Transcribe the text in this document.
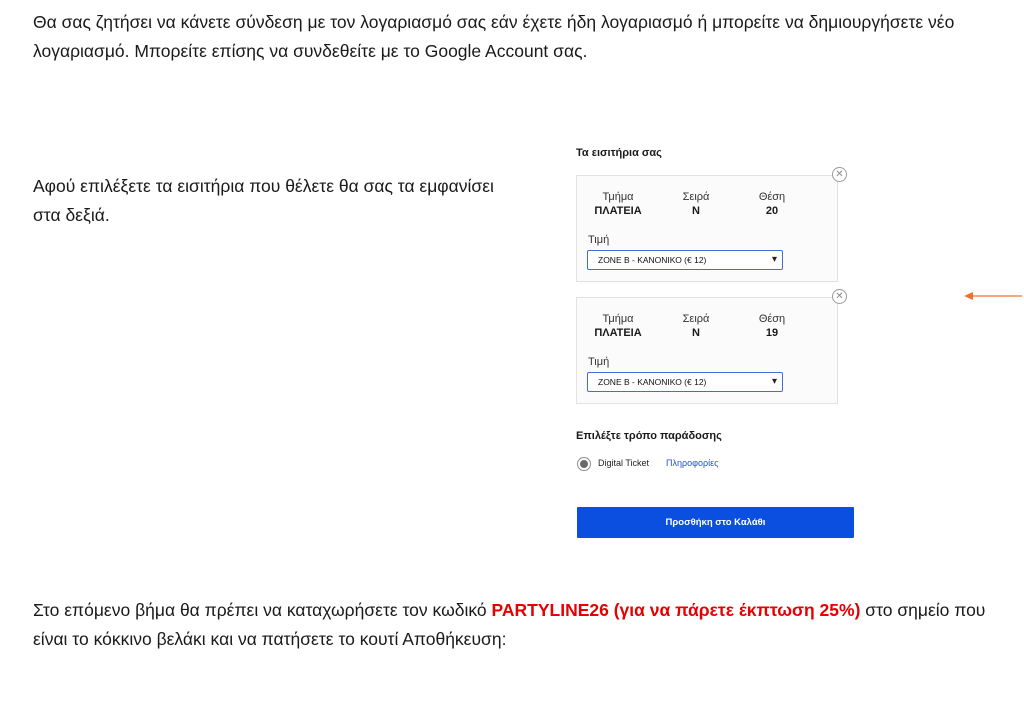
Θα σας ζητήσει να κάνετε σύνδεση με τον λογαριασμό σας εάν έχετε ήδη λογαριασμό ή μπορείτε να δημιουργήσετε νέο λογαριασμό. Μπορείτε επίσης να συνδεθείτε με το Google Account σας.

Αφού επιλέξετε τα εισιτήρια που θέλετε θα σας τα εμφανίσει στα δεξιά.

Τα εισιτήρια σας

✕
Τμήμα
ΠΛΑΤΕΙΑ
Σειρά
Ν
Θέση
20
Τιμή
ZONE B - ΚΑΝΟΝΙΚΟ (€ 12)	▾
✕
Τμήμα
ΠΛΑΤΕΙΑ
Σειρά
Ν
Θέση
19
Τιμή
ZONE B - ΚΑΝΟΝΙΚΟ (€ 12)	▾

Επιλέξτε τρόπο παράδοσης

Digital Ticket Πληροφορίες
Προσθήκη στο Καλάθι

Στο επόμενο βήμα θα πρέπει να καταχωρήσετε τον κωδικό PARTYLINE26 (για να πάρετε έκπτωση 25%) στο σημείο που είναι το κόκκινο βελάκι και να πατήσετε το κουτί Αποθήκευση:
